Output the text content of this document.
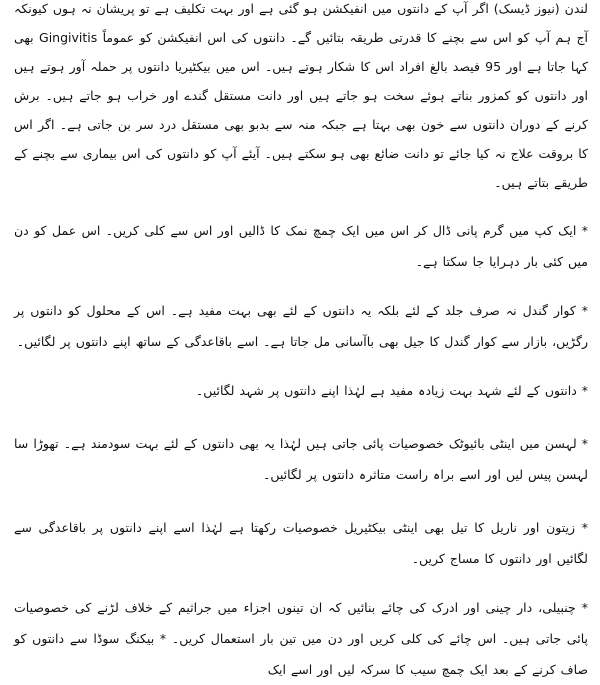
لندن (نیوز ڈیسک) اگر آپ کے دانتوں میں انفیکشن ہو گئی ہے اور بہت تکلیف ہے تو پریشان نہ ہوں کیونکہ آج ہم آپ کو اس سے بچنے کا قدرتی طریقہ بتائیں گے۔ دانتوں کی اس انفیکشن کو عموماً Gingivitis بھی کہا جاتا ہے اور 95 فیصد بالغ افراد اس کا شکار ہوتے ہیں۔ اس میں بیکٹیریا دانتوں پر حملہ آور ہوتے ہیں اور دانتوں کو کمزور بناتے ہوئے سخت ہو جاتے ہیں اور دانت مستقل گندے اور خراب ہو جاتے ہیں۔ برش کرنے کے دوران دانتوں سے خون بھی بہتا ہے جبکہ منہ سے بدبو بھی مستقل درد سر بن جاتی ہے۔ اگر اس کا بروقت علاج نہ کیا جائے تو دانت ضائع بھی ہو سکتے ہیں۔ آیئے آپ کو دانتوں کی اس بیماری سے بچنے کے طریقے بتاتے ہیں۔

* ایک کپ میں گرم پانی ڈال کر اس میں ایک چمچ نمک کا ڈالیں اور اس سے کلی کریں۔ اس عمل کو دن میں کئی بار دہرایا جا سکتا ہے۔

* کوار گندل نہ صرف جلد کے لئے بلکہ یہ دانتوں کے لئے بھی بہت مفید ہے۔ اس کے محلول کو دانتوں پر رگڑیں، بازار سے کوار گندل کا جیل بھی باآسانی مل جاتا ہے۔ اسے باقاعدگی کے ساتھ اپنے دانتوں پر لگائیں۔

* دانتوں کے لئے شہد بہت زیادہ مفید ہے لہٰذا اپنے دانتوں پر شہد لگائیں۔

* لہسن میں اینٹی بائیوٹک خصوصیات پائی جاتی ہیں لہٰذا یہ بھی دانتوں کے لئے بہت سودمند ہے۔ تھوڑا سا لہسن پیس لیں اور اسے براہ راست متاثرہ دانتوں پر لگائیں۔

* زیتون اور ناریل کا تیل بھی اینٹی بیکٹیریل خصوصیات رکھتا ہے لہٰذا اسے اپنے دانتوں پر باقاعدگی سے لگائیں اور دانتوں کا مساج کریں۔

* چنبیلی، دار چینی اور ادرک کی چائے بنائیں کہ ان تینوں اجزاء میں جراثیم کے خلاف لڑنے کی خصوصیات پائی جاتی ہیں۔ اس چائے کی کلی کریں اور دن میں تین بار استعمال کریں۔ * بیکنگ سوڈا سے دانتوں کو صاف کرنے کے بعد ایک چمچ سیب کا سرکہ لیں اور اسے ایک
